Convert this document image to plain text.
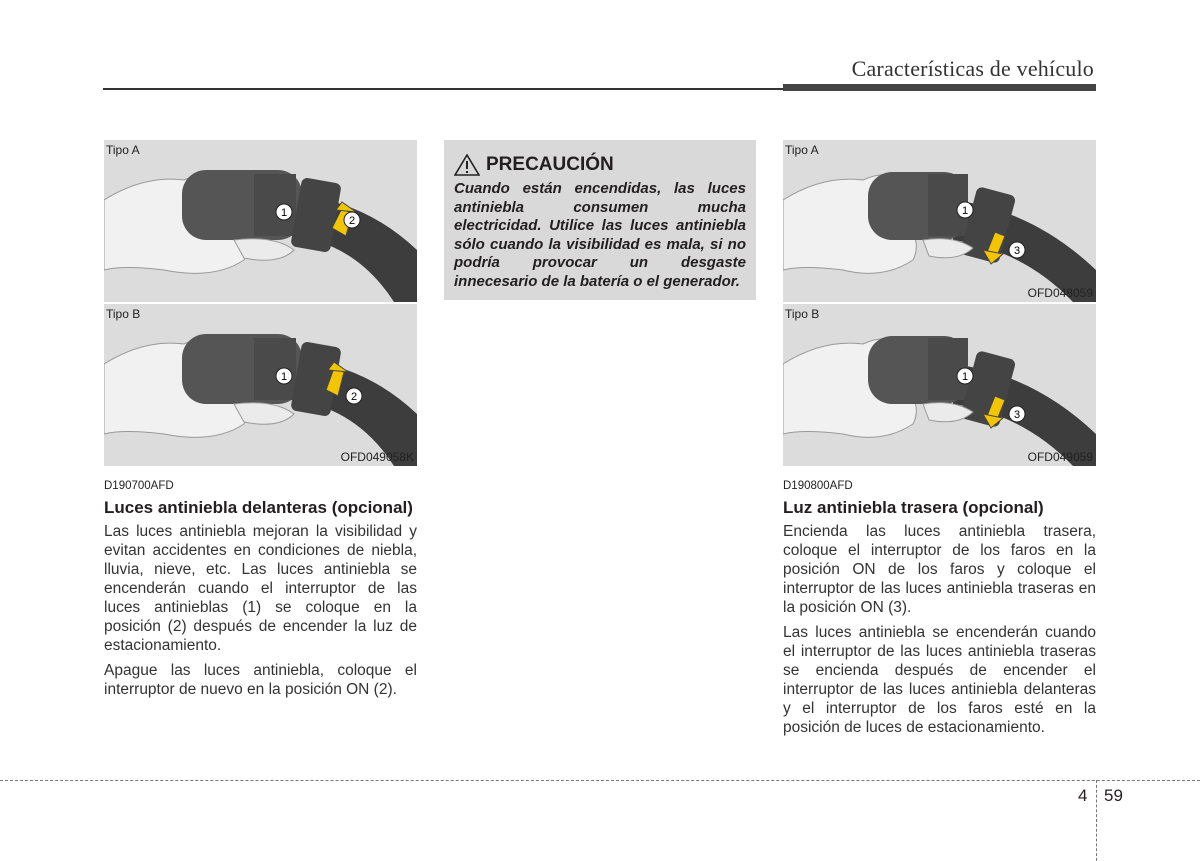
Características de vehículo
1
2
Tipo A
1
2
Tipo B
OFD049058K
D190700AFD
Luces antiniebla delanteras (opcional)

Las luces antiniebla mejoran la visibilidad y evitan accidentes en condiciones de niebla, lluvia, nieve, etc. Las luces antiniebla se encenderán cuando el interruptor de las luces antinieblas (1) se coloque en la posición (2) después de encender la luz de estacionamiento.

Apague las luces antiniebla, coloque el interruptor de nuevo en la posición ON (2).

PRECAUCIÓN
Cuando están encendidas, las luces antiniebla consumen mucha electricidad. Utilice las luces antiniebla sólo cuando la visibilidad es mala, si no podría provocar un desgaste innecesario de la batería o el generador.
1
3
Tipo A
OFD048059
1
3
Tipo B
OFD049059
D190800AFD
Luz antiniebla trasera (opcional)

Encienda las luces antiniebla trasera, coloque el interruptor de los faros en la posición ON de los faros y coloque el interruptor de las luces antiniebla traseras en la posición ON (3).

Las luces antiniebla se encenderán cuando el interruptor de las luces antiniebla traseras se encienda después de encender el interruptor de las luces antiniebla delanteras y el interruptor de los faros esté en la posición de luces de estacionamiento.

4 59
